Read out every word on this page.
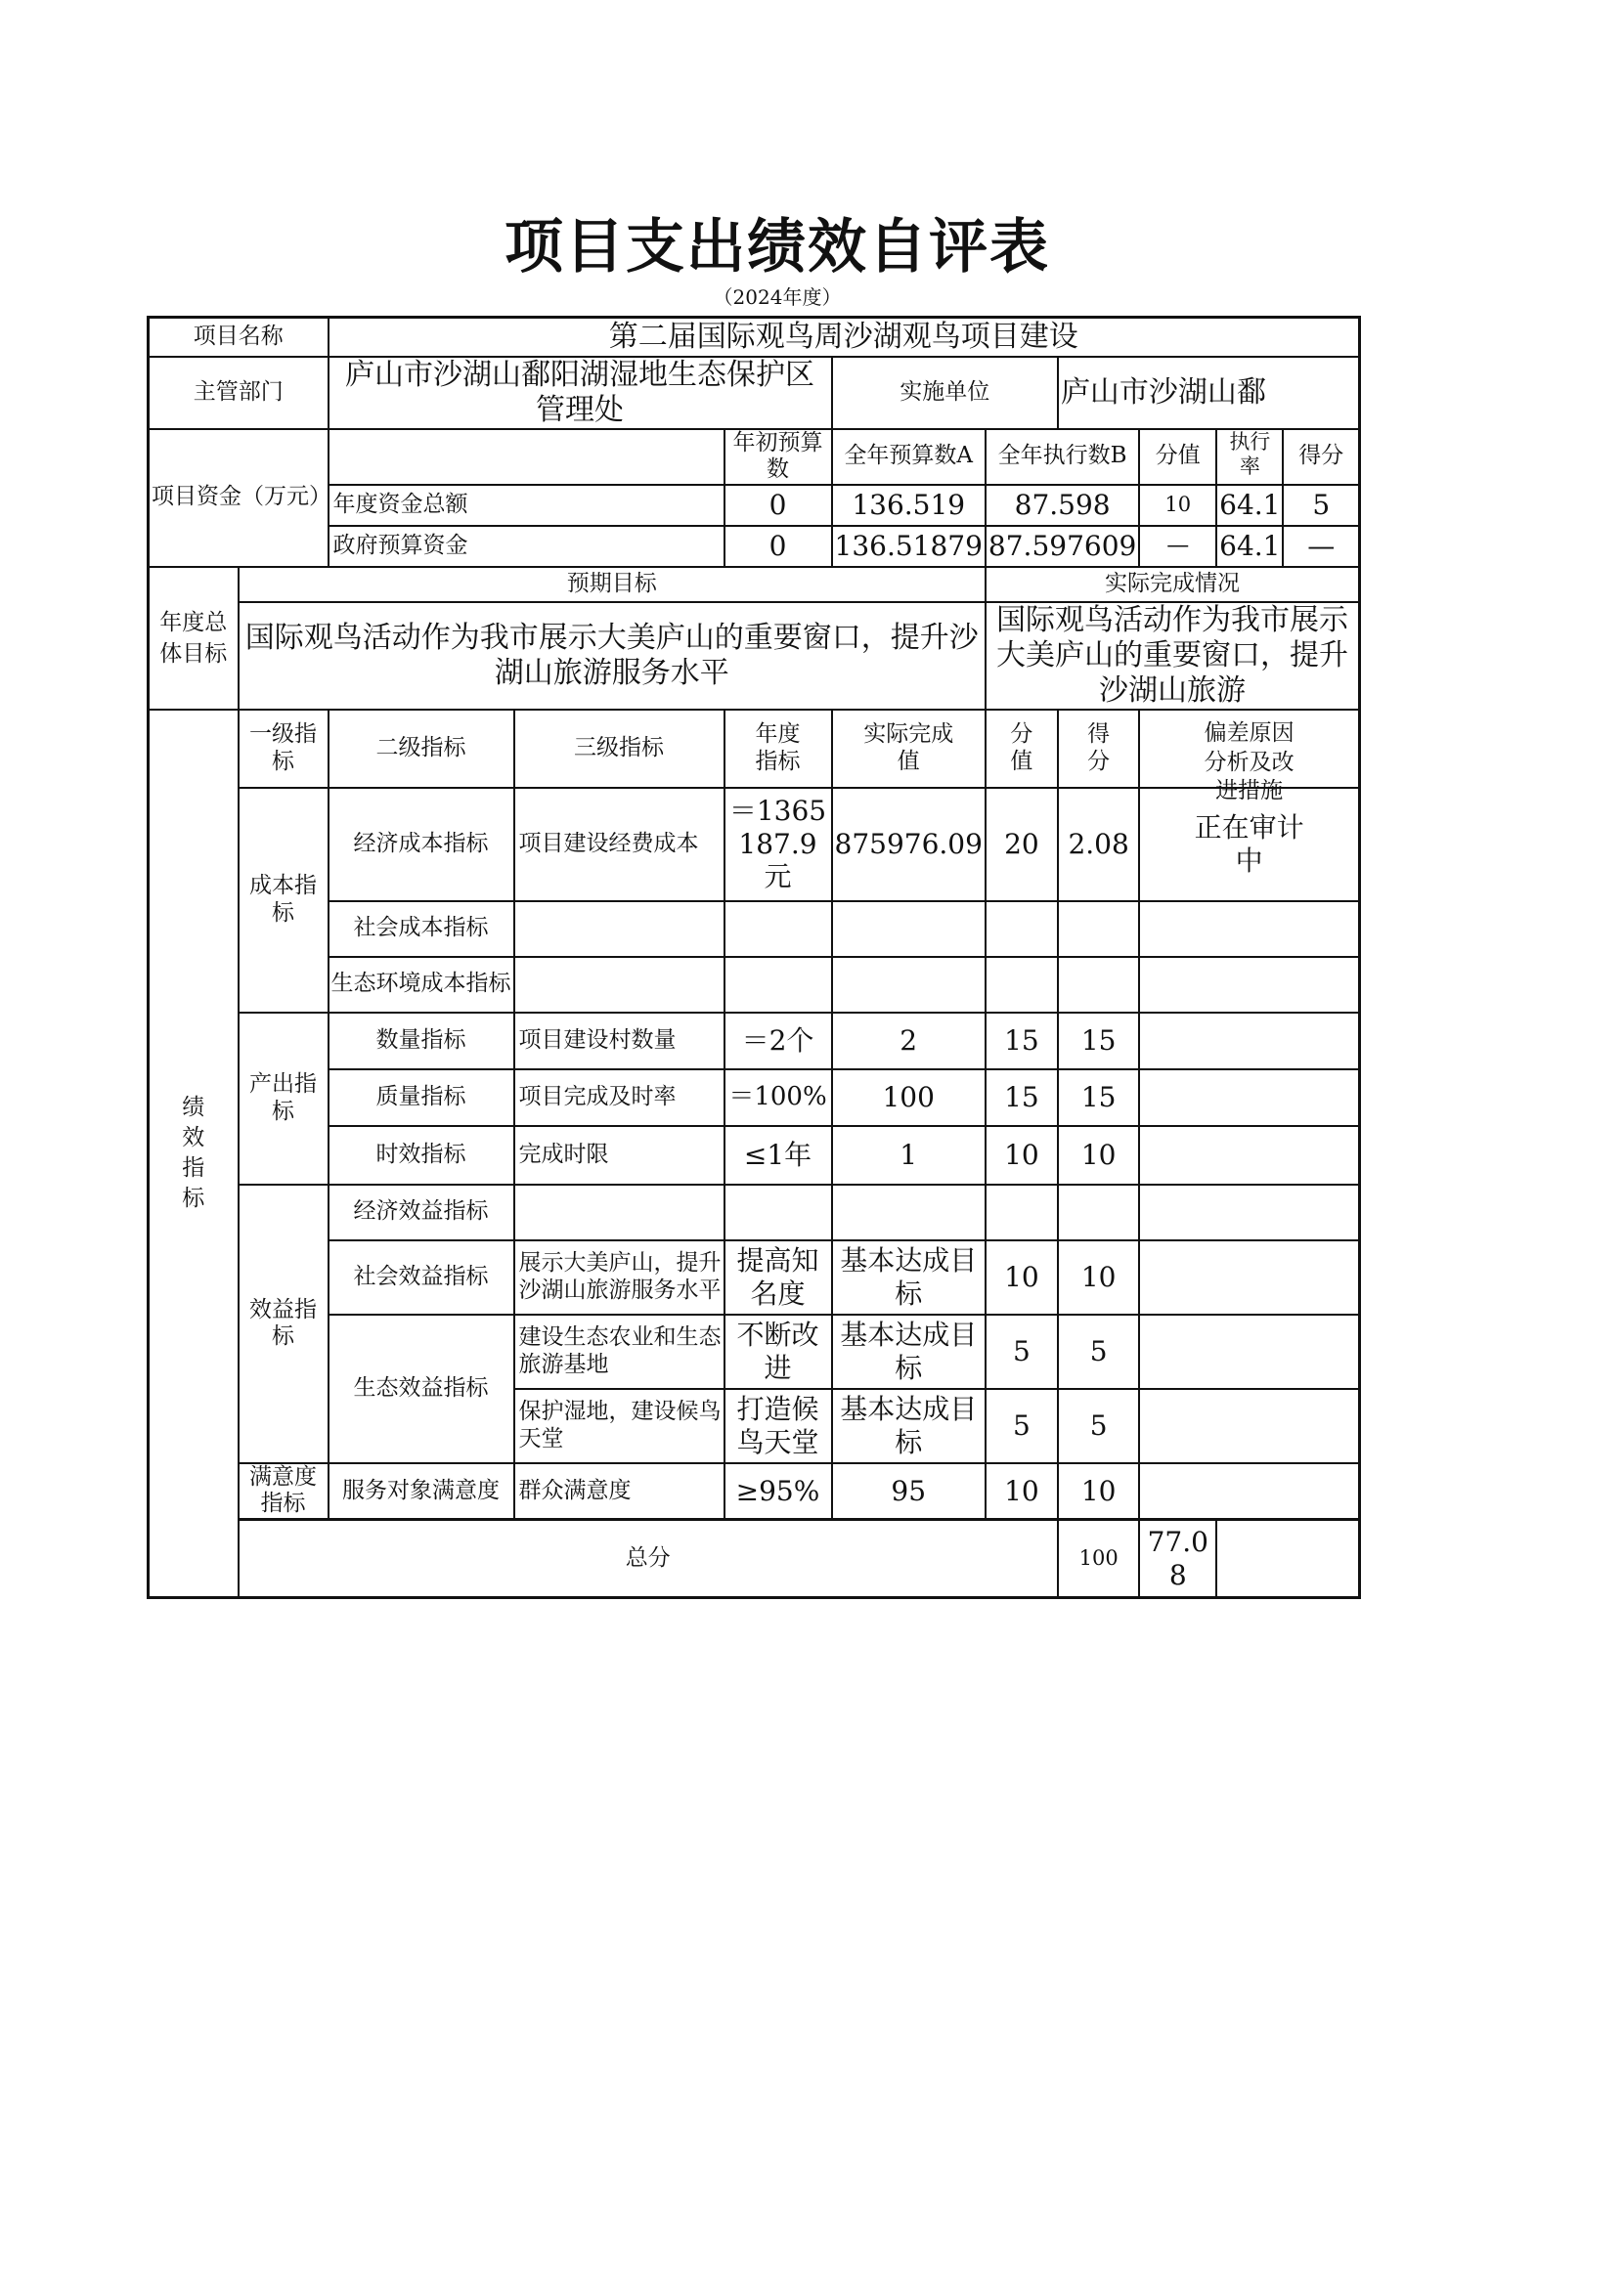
项目支出绩效自评表
（2024年度）
项目名称		第二届国际观鸟周沙湖观鸟项目建设								
主管部门		庐山市沙湖山鄱阳湖湿地生态保护区管理处			实施单位		庐山市沙湖山鄱			
项目资金（万元）				年初预算数	全年预算数A	全年执行数B		分值	执行率	得分
		年度资金总额		0	136.519	87.598		10	64.1	5
		政府预算资金		0	136.51879	87.597609		—	64.1	—
年度总体目标	预期目标					实际完成情况				
	国际观鸟活动作为我市展示大美庐山的重要窗口，提升沙湖山旅游服务水平					国际观鸟活动作为我市展示大美庐山的重要窗口，提升沙湖山旅游				

绩效指标	一级指标	二级指标	三级指标	年度指标	实际完成值	分值	得分	偏差原因分析及改进措施		

	成本指标	经济成本指标	项目建设经费成本	＝1365187.9元	875976.09	20	2.08	正在审计中		

		社会成本指标								
		生态环境成本指标								
	产出指标	数量指标	项目建设村数量	＝2个	2	15	15			
		质量指标	项目完成及时率	＝100%	100	15	15			
		时效指标	完成时限	≤1年	1	10	10			
	效益指标	经济效益指标								
		社会效益指标	展示大美庐山，提升沙湖山旅游服务水平	提高知名度	基本达成目标	10	10			
		生态效益指标	建设生态农业和生态旅游基地	不断改进	基本达成目标	5	5			
			保护湿地，建设候鸟天堂	打造候鸟天堂	基本达成目标	5	5			
	满意度指标	服务对象满意度	群众满意度	≥95%	95	10	10			
	总分						100	77.08		
